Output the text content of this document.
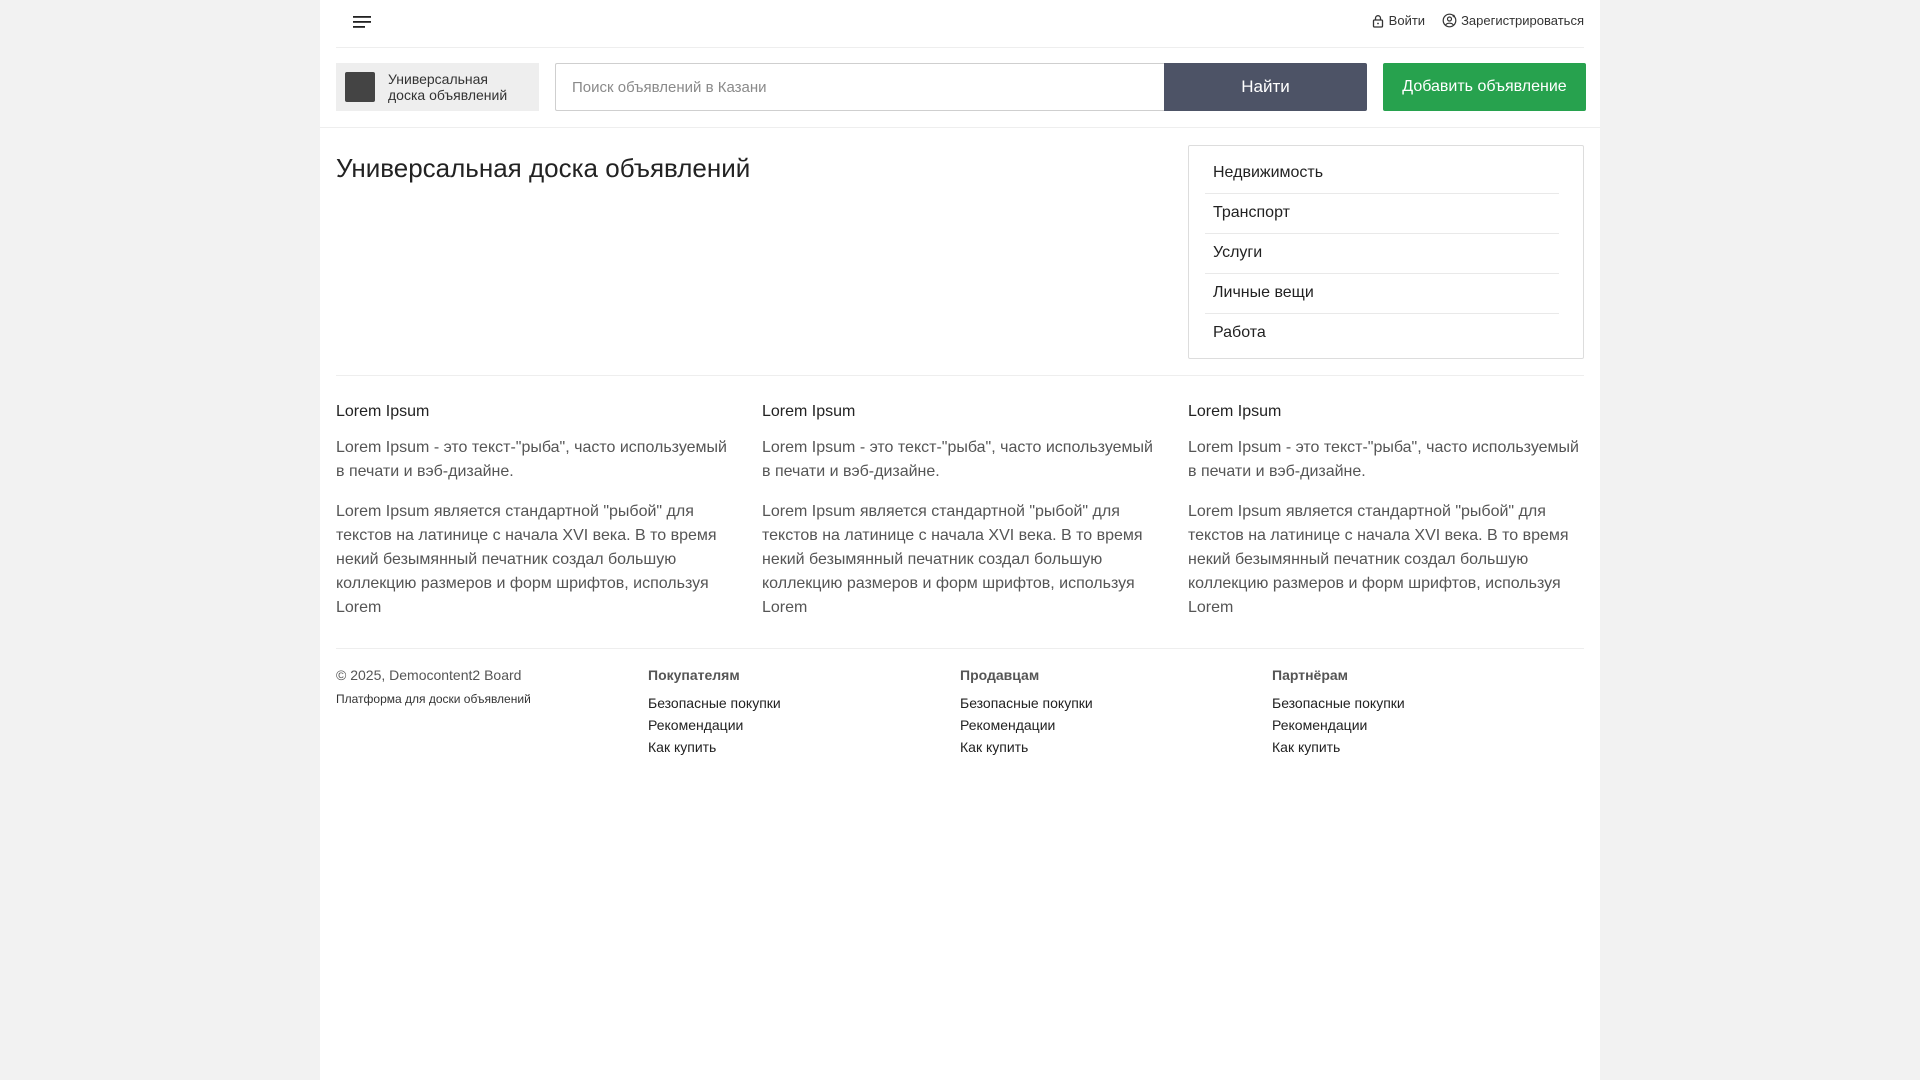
Войти	Зарегистрироваться
Универсальная доска объявлений
Поиск объявлений в Казани	Найти	Добавить объявление
Универсальная доска объявлений	Недвижимость
Транспорт
Услуги
Личные вещи
Работа
Lorem Ipsum

Lorem Ipsum - это текст-"рыба", часто используемый в печати и вэб-дизайне.

Lorem Ipsum является стандартной "рыбой" для текстов на латинице с начала XVI века. В то время некий безымянный печатник создал большую коллекцию размеров и форм шрифтов, используя Lorem

Lorem Ipsum

Lorem Ipsum - это текст-"рыба", часто используемый в печати и вэб-дизайне.

Lorem Ipsum является стандартной "рыбой" для текстов на латинице с начала XVI века. В то время некий безымянный печатник создал большую коллекцию размеров и форм шрифтов, используя Lorem

Lorem Ipsum

Lorem Ipsum - это текст-"рыба", часто используемый в печати и вэб-дизайне.

Lorem Ipsum является стандартной "рыбой" для текстов на латинице с начала XVI века. В то время некий безымянный печатник создал большую коллекцию размеров и форм шрифтов, используя Lorem

© 2025, Democontent2 Board
Платформа для доски объявлений
Покупателям
Безопасные покупки
Рекомендации
Как купить
Продавцам
Безопасные покупки
Рекомендации
Как купить
Партнёрам
Безопасные покупки
Рекомендации
Как купить
